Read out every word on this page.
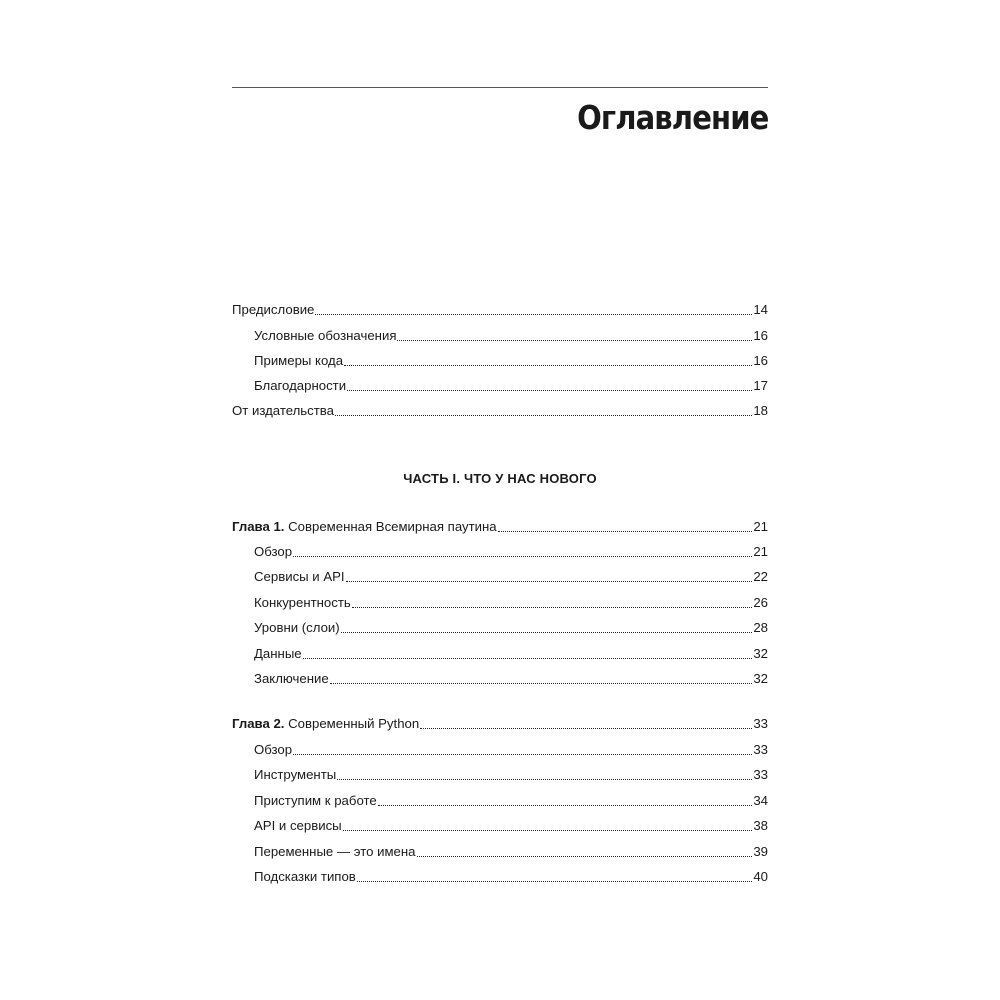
Оглавление
Предисловие	14
Условные обозначения	16
Примеры кода	16
Благодарности	17
От издательства	18
ЧАСТЬ I. ЧТО У НАС НОВОГО
Глава 1. Современная Всемирная паутина	21
Обзор	21
Сервисы и API	22
Конкурентность	26
Уровни (слои)	28
Данные	32
Заключение	32
Глава 2. Современный Python	33
Обзор	33
Инструменты	33
Приступим к работе	34
API и сервисы	38
Переменные — это имена	39
Подсказки типов	40
